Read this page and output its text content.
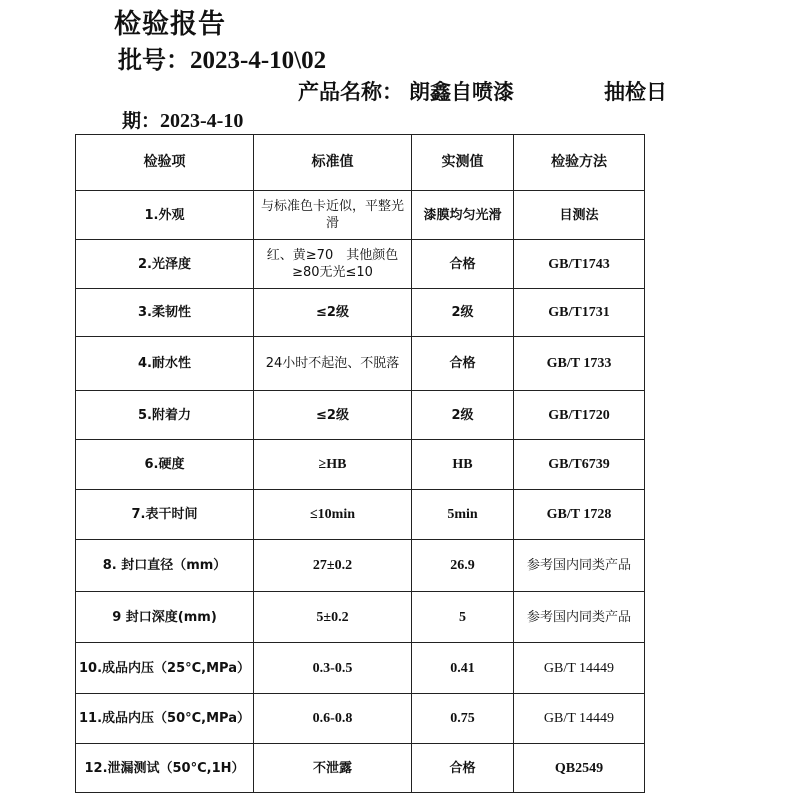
检验报告
批号：2023-4-10\02
产品名称： 朗鑫自喷漆	抽检日
期：2023-4-10
检验项	标准值	实测值	检验方法
1.外观	与标准色卡近似，平整光滑	漆膜均匀光滑	目测法
2.光泽度	红、黄≥70　其他颜色≥80无光≤10	合格	GB/T1743
3.柔韧性	≤2级	2级	GB/T1731
4.耐水性	24小时不起泡、不脱落	合格	GB/T 1733
5.附着力	≤2级	2级	GB/T1720
6.硬度	≥HB	HB	GB/T6739
7.表干时间	≤10min	5min	GB/T 1728
8. 封口直径（mm）	27±0.2	26.9	参考国内同类产品
9 封口深度(mm)	5±0.2	5	参考国内同类产品
10.成品内压（25°C,MPa）	0.3-0.5	0.41	GB/T 14449
11.成品内压（50°C,MPa）	0.6-0.8	0.75	GB/T 14449
12.泄漏测试（50°C,1H）	不泄露	合格	QB2549
